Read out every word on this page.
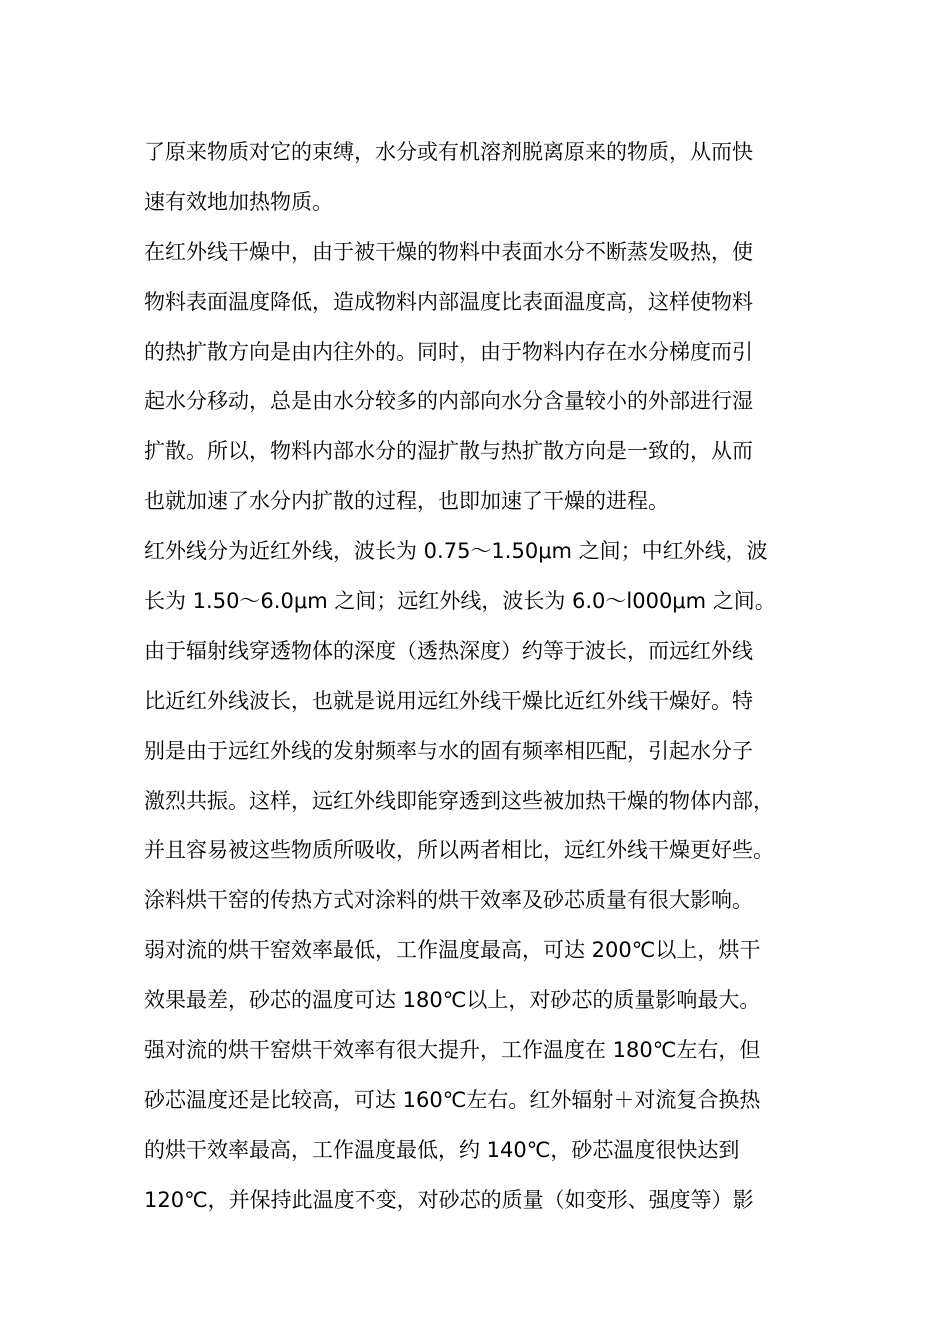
了原来物质对它的束缚，水分或有机溶剂脱离原来的物质，从而快
速有效地加热物质。
在红外线干燥中，由于被干燥的物料中表面水分不断蒸发吸热，使
物料表面温度降低，造成物料内部温度比表面温度高，这样使物料
的热扩散方向是由内往外的。同时，由于物料内存在水分梯度而引
起水分移动，总是由水分较多的内部向水分含量较小的外部进行湿
扩散。所以，物料内部水分的湿扩散与热扩散方向是一致的，从而
也就加速了水分内扩散的过程，也即加速了干燥的进程。
红外线分为近红外线，波长为 0.75～1.50μm 之间；中红外线，波
长为 1.50～6.0μm 之间；远红外线，波长为 6.0～l000μm 之间。
由于辐射线穿透物体的深度（透热深度）约等于波长，而远红外线
比近红外线波长，也就是说用远红外线干燥比近红外线干燥好。特
别是由于远红外线的发射频率与水的固有频率相匹配，引起水分子
激烈共振。这样，远红外线即能穿透到这些被加热干燥的物体内部，
并且容易被这些物质所吸收，所以两者相比，远红外线干燥更好些。
涂料烘干窑的传热方式对涂料的烘干效率及砂芯质量有很大影响。
弱对流的烘干窑效率最低，工作温度最高，可达 200℃以上，烘干
效果最差，砂芯的温度可达 180℃以上，对砂芯的质量影响最大。
强对流的烘干窑烘干效率有很大提升，工作温度在 180℃左右，但
砂芯温度还是比较高，可达 160℃左右。红外辐射＋对流复合换热
的烘干效率最高，工作温度最低，约 140℃，砂芯温度很快达到
120℃，并保持此温度不变，对砂芯的质量（如变形、强度等）影
